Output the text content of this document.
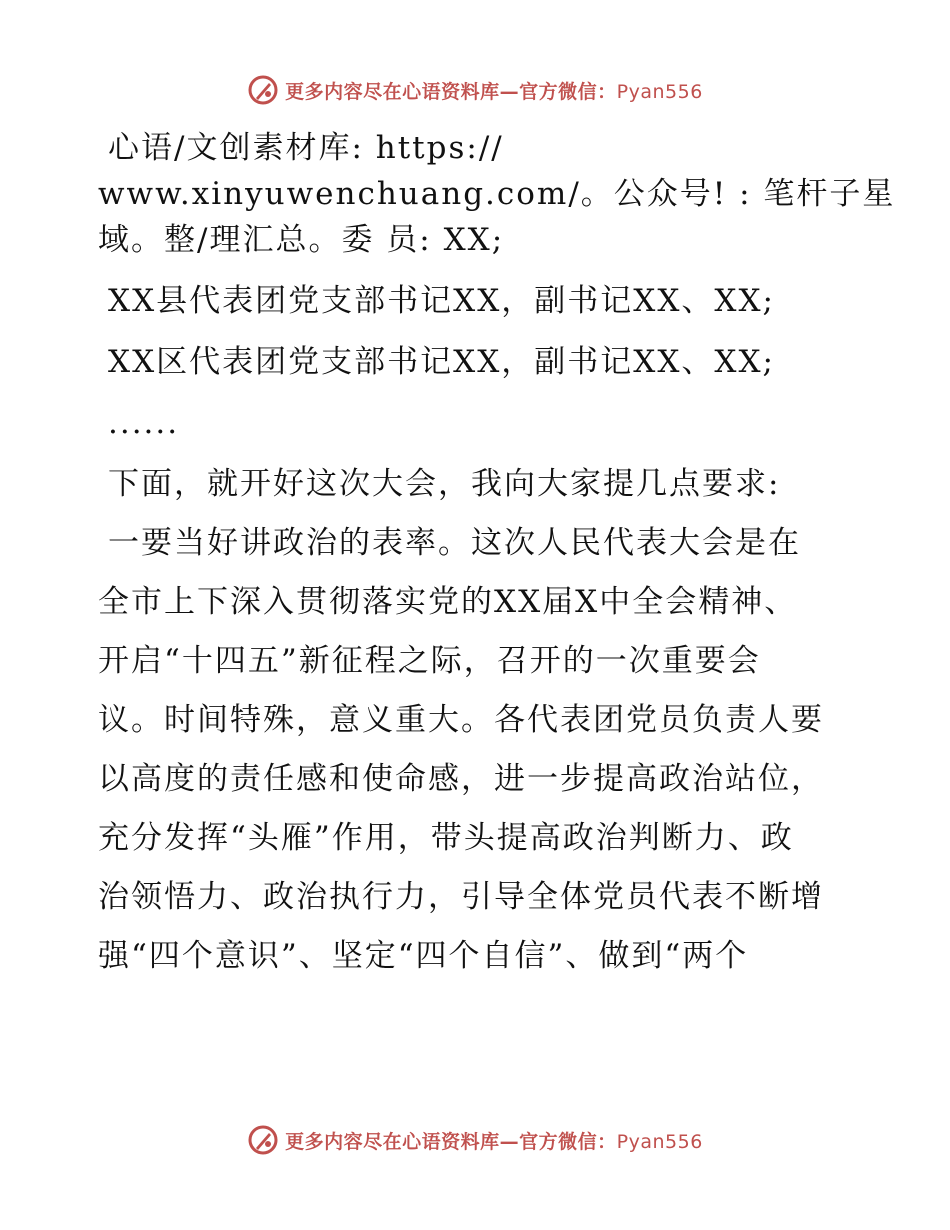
更多内容尽在心语资料库—官方微信：Pyan556
心语/文创素材库: https://
www.xinyuwenchuang.com/。公众号! : 笔杆子星
域。整/理汇总。委 员: XX;
XX县代表团党支部书记XX，副书记XX、XX;
XX区代表团党支部书记XX，副书记XX、XX;
......
下面，就开好这次大会，我向大家提几点要求:
一要当好讲政治的表率。这次人民代表大会是在
全市上下深入贯彻落实党的XX届X中全会精神、
开启“十四五”新征程之际，召开的一次重要会
议。时间特殊，意义重大。各代表团党员负责人要
以高度的责任感和使命感，进一步提高政治站位，
充分发挥“头雁”作用，带头提高政治判断力、政
治领悟力、政治执行力，引导全体党员代表不断增
强“四个意识”、坚定“四个自信”、做到“两个
更多内容尽在心语资料库—官方微信：Pyan556
